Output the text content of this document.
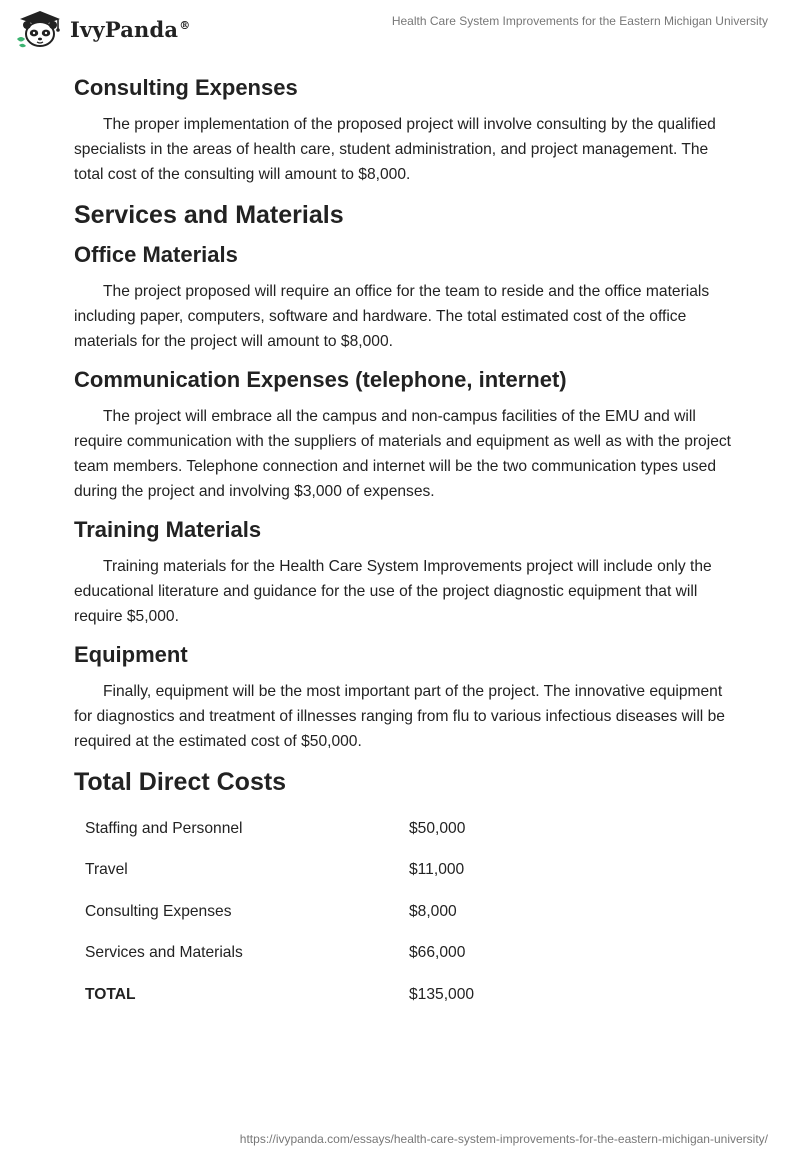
IvyPanda®	Health Care System Improvements for the Eastern Michigan University
Consulting Expenses

The proper implementation of the proposed project will involve consulting by the qualified specialists in the areas of health care, student administration, and project management. The total cost of the consulting will amount to $8,000.

Services and Materials
Office Materials

The project proposed will require an office for the team to reside and the office materials including paper, computers, software and hardware. The total estimated cost of the office materials for the project will amount to $8,000.

Communication Expenses (telephone, internet)

The project will embrace all the campus and non-campus facilities of the EMU and will require communication with the suppliers of materials and equipment as well as with the project team members. Telephone connection and internet will be the two communication types used during the project and involving $3,000 of expenses.

Training Materials

Training materials for the Health Care System Improvements project will include only the educational literature and guidance for the use of the project diagnostic equipment that will require $5,000.

Equipment

Finally, equipment will be the most important part of the project. The innovative equipment for diagnostics and treatment of illnesses ranging from flu to various infectious diseases will be required at the estimated cost of $50,000.

Total Direct Costs
Staffing and Personnel	$50,000
Travel	$11,000
Consulting Expenses	$8,000
Services and Materials	$66,000
TOTAL	$135,000
https://ivypanda.com/essays/health-care-system-improvements-for-the-eastern-michigan-university/
